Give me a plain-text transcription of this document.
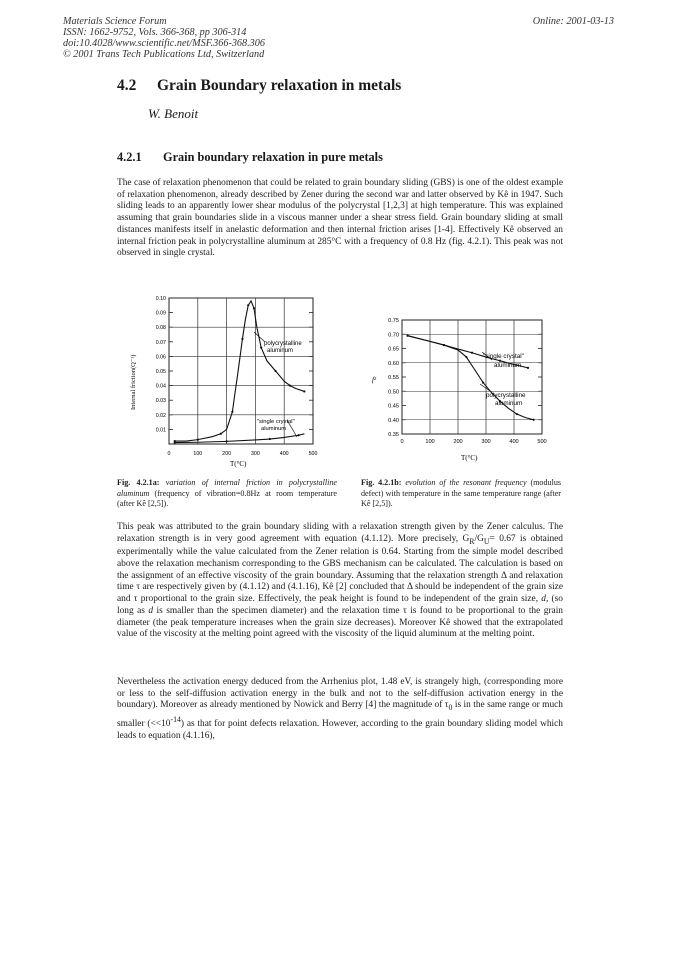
Materials Science Forum
ISSN: 1662-9752, Vols. 366-368, pp 306-314
doi:10.4028/www.scientific.net/MSF.366-368.306
© 2001 Trans Tech Publications Ltd, Switzerland
Online: 2001-03-13
4.2 Grain Boundary relaxation in metals
W. Benoit
4.2.1 Grain boundary relaxation in pure metals

The case of relaxation phenomenon that could be related to grain boundary sliding (GBS) is one of the oldest example of relaxation phenomenon, already described by Zener during the second war and latter observed by Kê in 1947. Such sliding leads to an apparently lower shear modulus of the polycrystal [1,2,3] at high temperature. This was explained assuming that grain boundaries slide in a viscous manner under a shear stress field. Grain boundary sliding at small distances manifests itself in anelastic deformation and then internal friction arises [1-4]. Effectively Kê observed an internal friction peak in polycrystalline aluminum at 285°C with a frequency of 0.8 Hz (fig. 4.2.1). This peak was not observed in single crystal.

0	100	200	300	400	500
0.01
0.02
0.03
0.04
0.05
0.06
0.07
0.08
0.09
0.10
Internal friction(Q⁻¹)
T(°C)
polycrystalline
aluminum
"single crystal"
aluminum
0	100	200	300	400	500
0.35
0.40
0.45
0.50
0.55
0.60
0.65
0.70
0.75
f²
T(°C)
"single crystal"
aluminum
polycrystalline
aluminum

Fig. 4.2.1a: variation of internal friction in polycrystalline aluminum (frequency of vibration=0.8Hz at room temperature (after Kê [2,5]).

Fig. 4.2.1b: evolution of the resonant frequency (modulus defect) with temperature in the same temperature range (after Kê [2,5]).

This peak was attributed to the grain boundary sliding with a relaxation strength given by the Zener calculus. The relaxation strength is in very good agreement with equation (4.1.12). More precisely, $G_R/G_U= 0.67$ is obtained experimentally while the value calculated from the Zener relation is 0.64. Starting from the simple model described above the relaxation mechanism corresponding to the GBS mechanism can be calculated. The calculation is based on the assignment of an effective viscosity of the grain boundary. Assuming that the relaxation strength Δ and relaxation time τ are respectively given by (4.1.12) and (4.1.16), Kê [2] concluded that Δ should be independent of the grain size and τ proportional to the grain size. Effectively, the peak height is found to be independent of the grain size, d, (so long as d is smaller than the specimen diameter) and the relaxation time τ is found to be proportional to the grain diameter (the peak temperature increases when the grain size decreases). Moreover Kê showed that the extrapolated value of the viscosity at the melting point agreed with the viscosity of the liquid aluminum at the melting point.

Nevertheless the activation energy deduced from the Arrhenius plot, 1.48 eV, is strangely high, (corresponding more or less to the self-diffusion activation energy in the bulk and not to the self-diffusion activation energy in the boundary). Moreover as already mentioned by Nowick and Berry [4] the magnitude of $\tau_0$ is in the same range or much smaller $(<<10^{-14})$ as that for point defects relaxation. However, according to the grain boundary sliding model which leads to equation (4.1.16),
